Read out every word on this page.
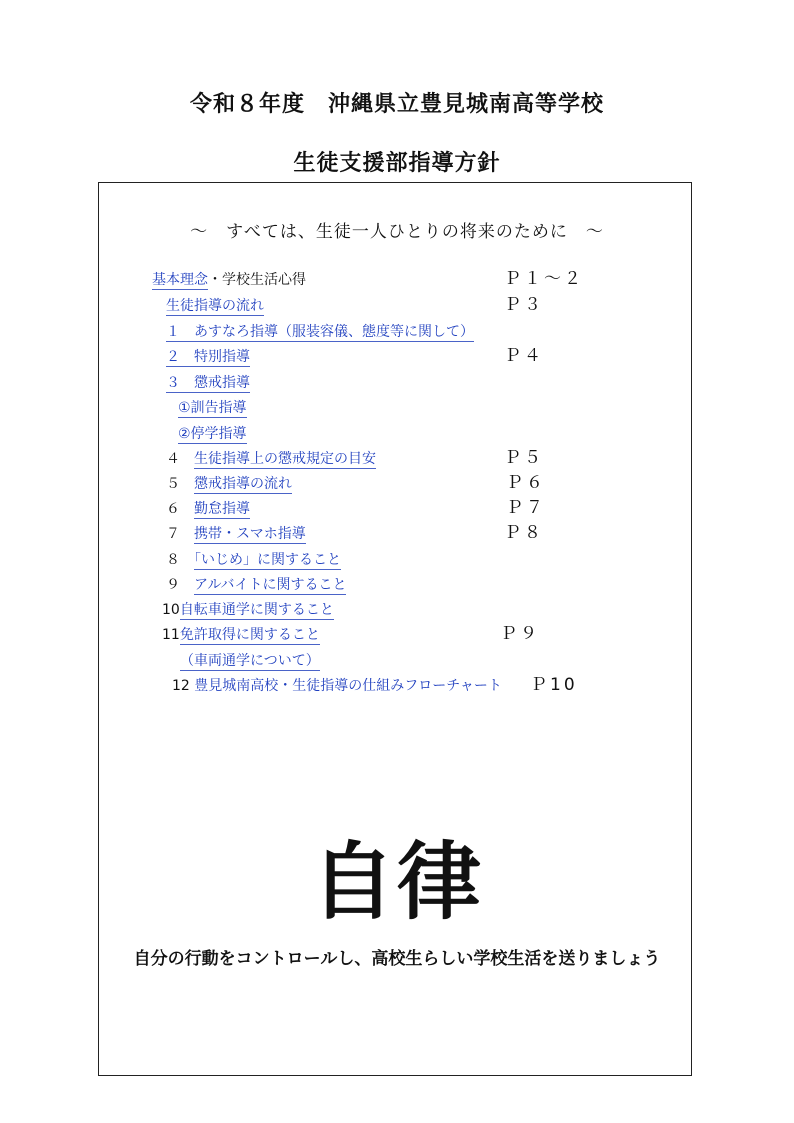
令和８年度　沖縄県立豊見城南高等学校
生徒支援部指導方針
～　すべては、生徒一人ひとりの将来のために　～
基本理念・学校生活心得	Ｐ１～２
生徒指導の流れ	Ｐ３
１　 あすなろ指導（服装容儀、態度等に関して）
２　 特別指導	Ｐ４
３　 懲戒指導
①訓告指導
②停学指導
４　 生徒指導上の懲戒規定の目安	Ｐ５
５　 懲戒指導の流れ	Ｐ６
６　 勤怠指導	Ｐ７
７　 携帯・スマホ指導	Ｐ８
８　 「いじめ」に関すること
９　 アルバイトに関すること
10自転車通学に関すること
11免許取得に関すること	Ｐ９
（車両通学について）
12 豊見城南高校・生徒指導の仕組みフローチャート Ｐ10
自律
自分の行動をコントロールし、高校生らしい学校生活を送りましょう
